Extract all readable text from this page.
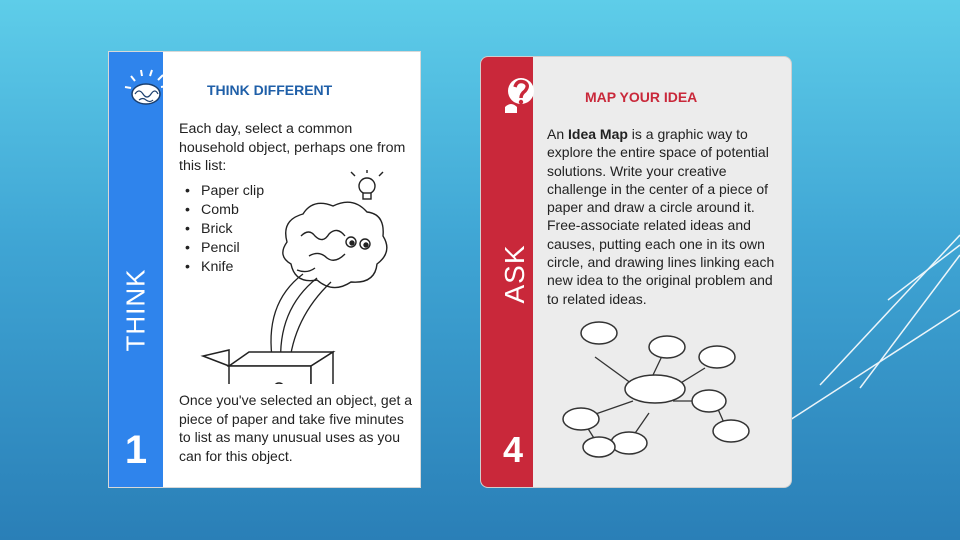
THINK
1
THINK DIFFERENT
Each day, select a common household object, perhaps one from this list:
• Paper clip
• Comb
• Brick
• Pencil
• Knife
Once you've selected an object, get a piece of paper and take five minutes to list as many unusual uses as you can for this object.
ASK
4
MAP YOUR IDEA
An Idea Map is a graphic way to explore the entire space of potential solutions. Write your creative challenge in the center of a piece of paper and draw a circle around it. Free-associate related ideas and causes, putting each one in its own circle, and drawing lines linking each new idea to the original problem and to related ideas.
